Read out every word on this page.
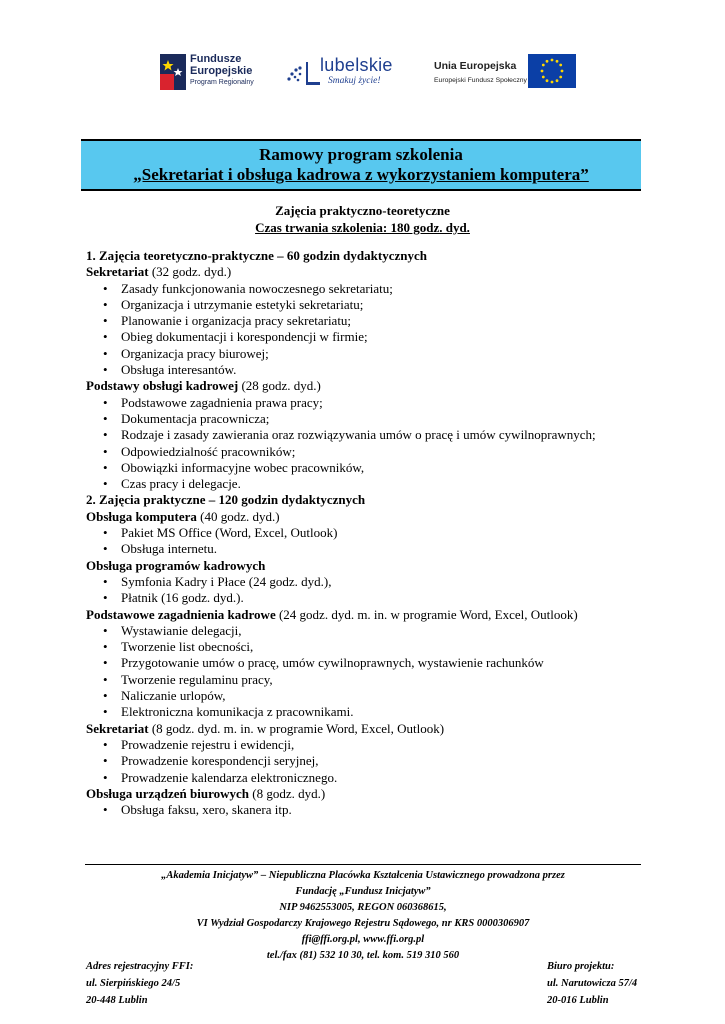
Fundusze
Europejskie
Program Regionalny
lubelskie
Smakuj życie!
Unia Europejska
Europejski Fundusz Społeczny
Ramowy program szkolenia
„Sekretariat i obsługa kadrowa z wykorzystaniem komputera”
Zajęcia praktyczno-teoretyczne
Czas trwania szkolenia: 180 godz. dyd.

1. Zajęcia teoretyczno-praktyczne – 60 godzin dydaktycznych

Sekretariat (32 godz. dyd.)

• Zasady funkcjonowania nowoczesnego sekretariatu;
• Organizacja i utrzymanie estetyki sekretariatu;
• Planowanie i organizacja pracy sekretariatu;
• Obieg dokumentacji i korespondencji w firmie;
• Organizacja pracy biurowej;
• Obsługa interesantów.

Podstawy obsługi kadrowej (28 godz. dyd.)

• Podstawowe zagadnienia prawa pracy;
• Dokumentacja pracownicza;
• Rodzaje i zasady zawierania oraz rozwiązywania umów o pracę i umów cywilnoprawnych;
• Odpowiedzialność pracowników;
• Obowiązki informacyjne wobec pracowników,
• Czas pracy i delegacje.

2. Zajęcia praktyczne – 120 godzin dydaktycznych

Obsługa komputera (40 godz. dyd.)

• Pakiet MS Office (Word, Excel, Outlook)
• Obsługa internetu.

Obsługa programów kadrowych

• Symfonia Kadry i Płace (24 godz. dyd.),
• Płatnik (16 godz. dyd.).

Podstawowe zagadnienia kadrowe (24 godz. dyd. m. in. w programie Word, Excel, Outlook)

• Wystawianie delegacji,
• Tworzenie list obecności,
• Przygotowanie umów o pracę, umów cywilnoprawnych, wystawienie rachunków
• Tworzenie regulaminu pracy,
• Naliczanie urlopów,
• Elektroniczna komunikacja z pracownikami.

Sekretariat (8 godz. dyd. m. in. w programie Word, Excel, Outlook)

• Prowadzenie rejestru i ewidencji,
• Prowadzenie korespondencji seryjnej,
• Prowadzenie kalendarza elektronicznego.

Obsługa urządzeń biurowych (8 godz. dyd.)

• Obsługa faksu, xero, skanera itp.
„Akademia Inicjatyw” – Niepubliczna Placówka Kształcenia Ustawicznego prowadzona przez
Fundację „Fundusz Inicjatyw”
NIP 9462553005, REGON 060368615,
VI Wydział Gospodarczy Krajowego Rejestru Sądowego, nr KRS 0000306907
ffi@ffi.org.pl, www.ffi.org.pl
tel./fax (81) 532 10 30, tel. kom. 519 310 560
Adres rejestracyjny FFI:
ul. Sierpińskiego 24/5
20-448 Lublin
Biuro projektu:
ul. Narutowicza 57/4
20-016 Lublin
